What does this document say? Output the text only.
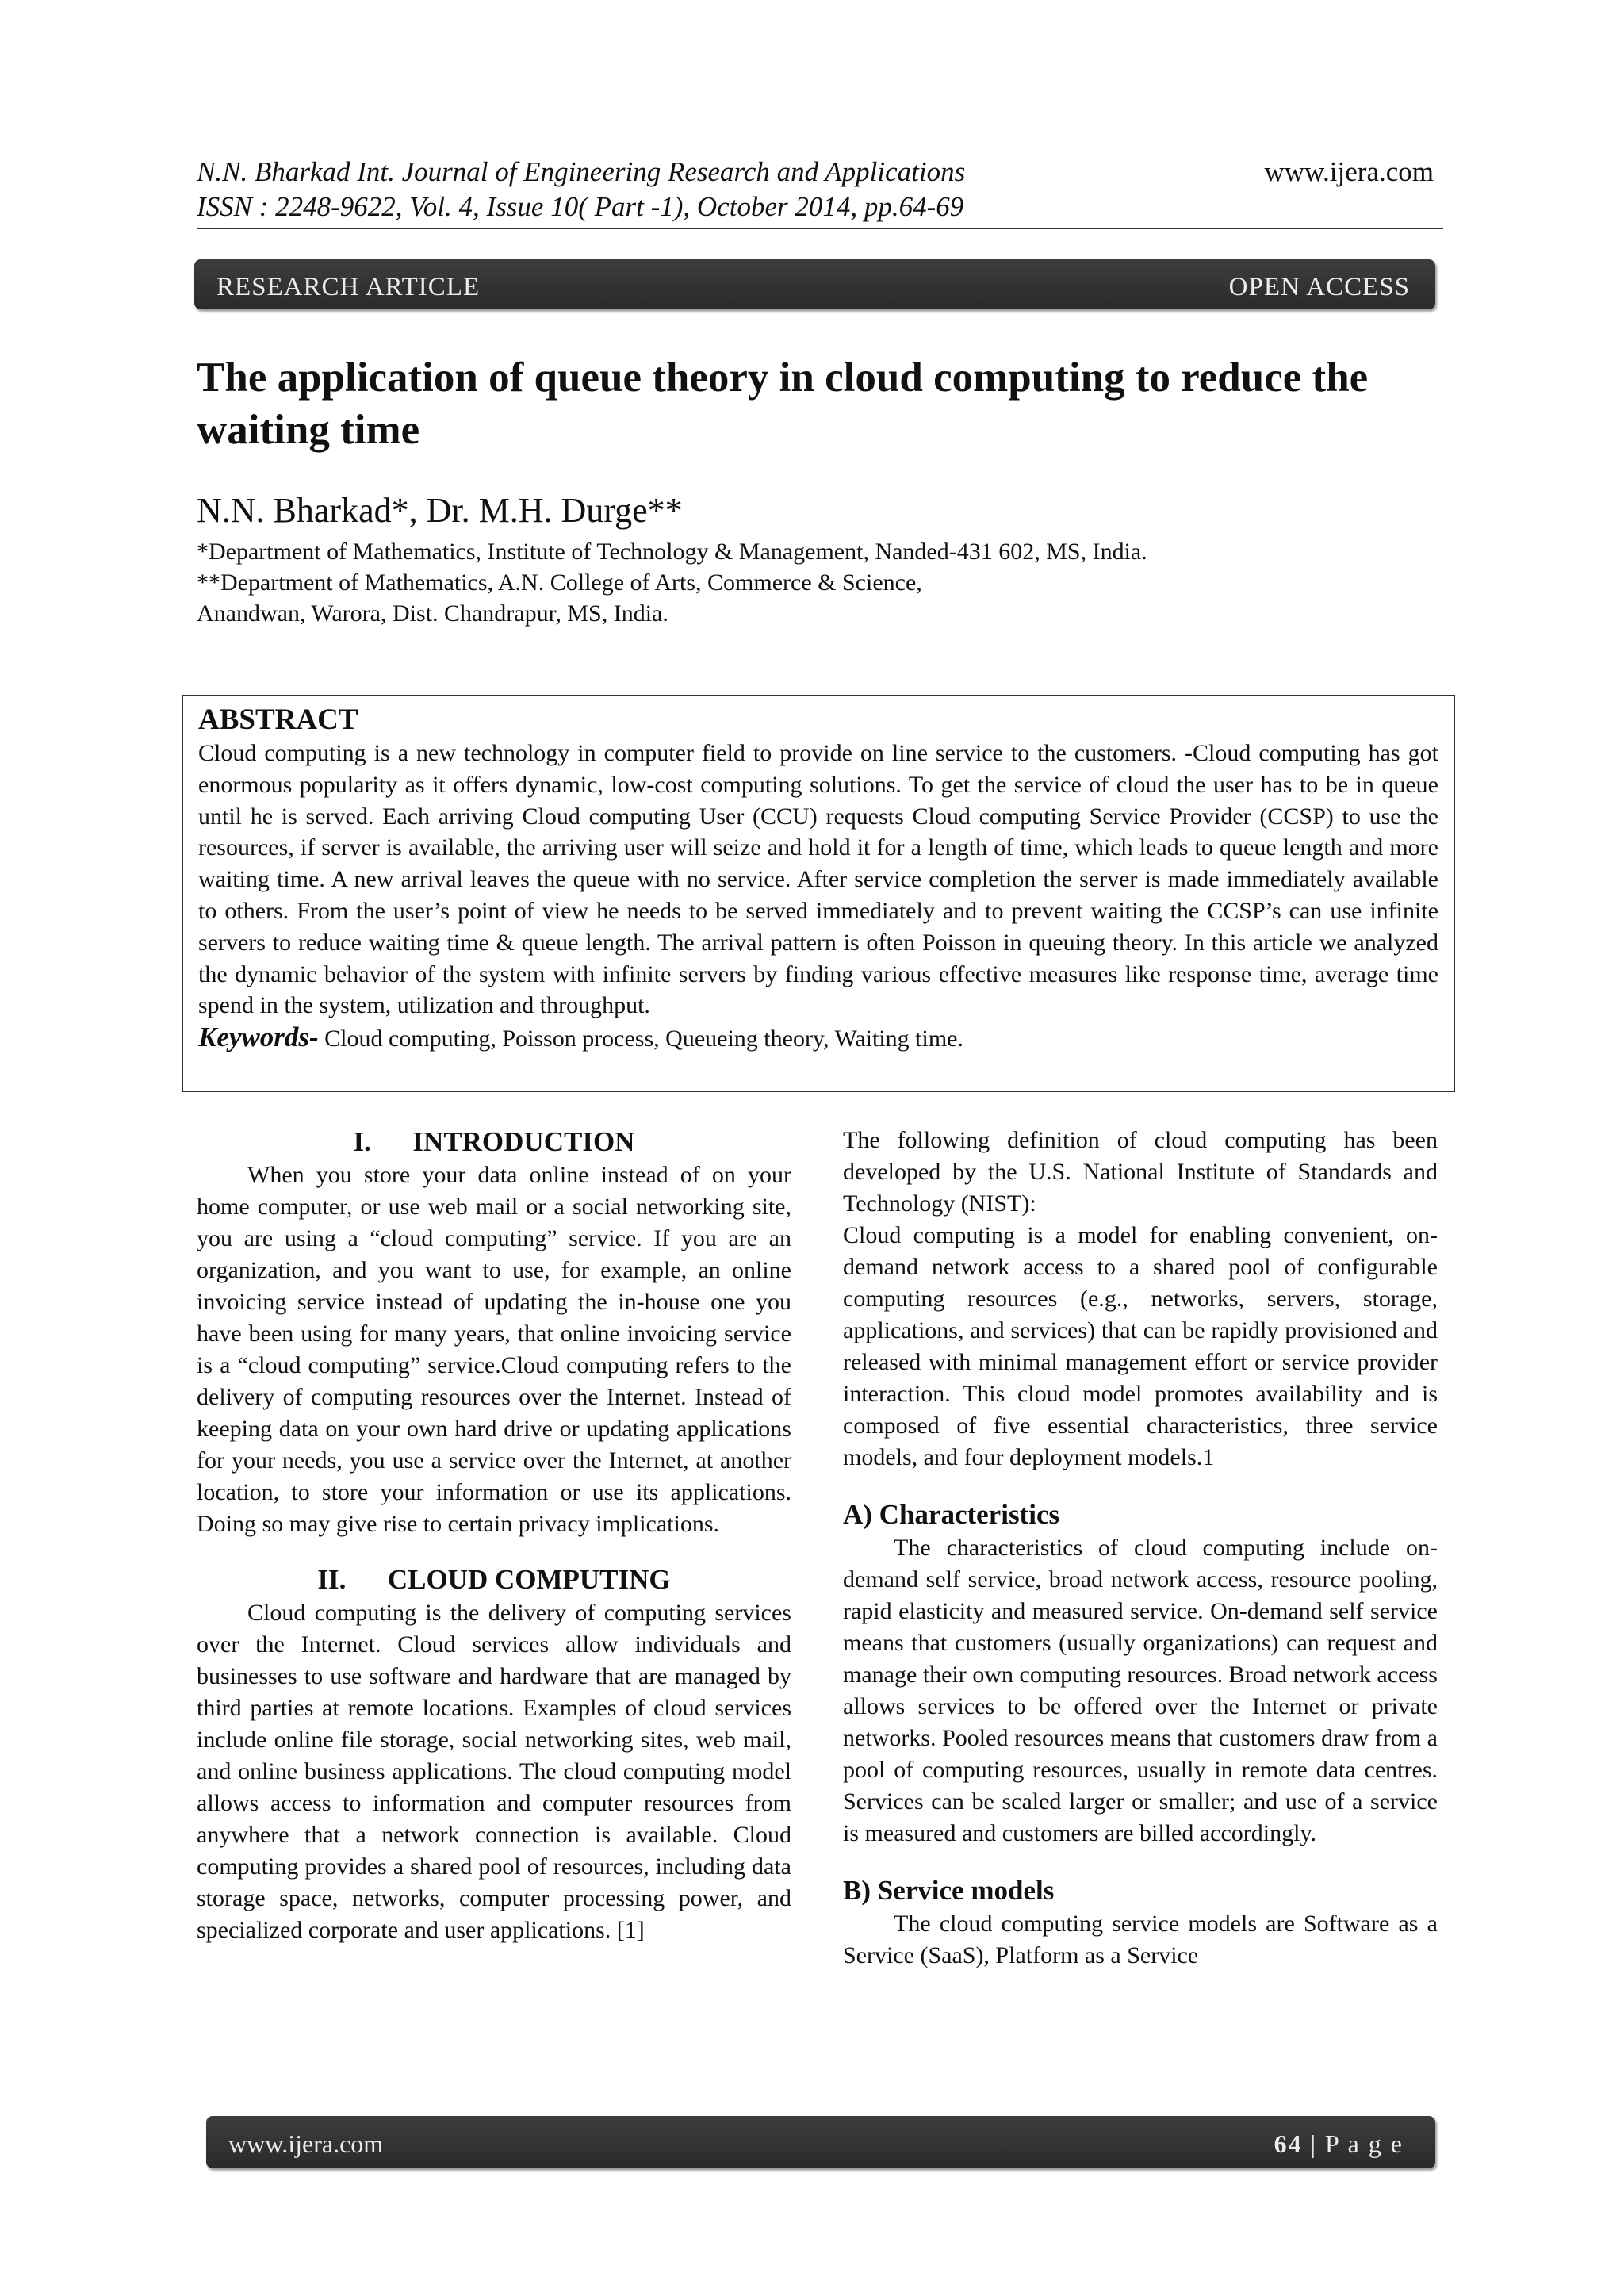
N.N. Bharkad Int. Journal of Engineering Research and Applications
ISSN : 2248-9622, Vol. 4, Issue 10( Part -1), October 2014, pp.64-69
www.ijera.com
RESEARCH ARTICLE	OPEN ACCESS
The application of queue theory in cloud computing to reduce the waiting time
N.N. Bharkad*, Dr. M.H. Durge**
*Department of Mathematics, Institute of Technology & Management, Nanded-431 602, MS, India.
**Department of Mathematics, A.N. College of Arts, Commerce & Science,
Anandwan, Warora, Dist. Chandrapur, MS, India.
ABSTRACT

Cloud computing is a new technology in computer field to provide on line service to the customers. -Cloud computing has got enormous popularity as it offers dynamic, low-cost computing solutions. To get the service of cloud the user has to be in queue until he is served. Each arriving Cloud computing User (CCU) requests Cloud computing Service Provider (CCSP) to use the resources, if server is available, the arriving user will seize and hold it for a length of time, which leads to queue length and more waiting time. A new arrival leaves the queue with no service. After service completion the server is made immediately available to others. From the user’s point of view he needs to be served immediately and to prevent waiting the CCSP’s can use infinite servers to reduce waiting time & queue length. The arrival pattern is often Poisson in queuing theory. In this article we analyzed the dynamic behavior of the system with infinite servers by finding various effective measures like response time, average time spend in the system, utilization and throughput.

Keywords- Cloud computing, Poisson process, Queueing theory, Waiting time.

I.      INTRODUCTION

When you store your data online instead of on your home computer, or use web mail or a social networking site, you are using a “cloud computing” service. If you are an organization, and you want to use, for example, an online invoicing service instead of updating the in-house one you have been using for many years, that online invoicing service is a “cloud computing” service.Cloud computing refers to the delivery of computing resources over the Internet. Instead of keeping data on your own hard drive or updating applications for your needs, you use a service over the Internet, at another location, to store your information or use its applications. Doing so may give rise to certain privacy implications.

II.      CLOUD COMPUTING

Cloud computing is the delivery of computing services over the Internet. Cloud services allow individuals and businesses to use software and hardware that are managed by third parties at remote locations. Examples of cloud services include online file storage, social networking sites, web mail, and online business applications. The cloud computing model allows access to information and computer resources from anywhere that a network connection is available. Cloud computing provides a shared pool of resources, including data storage space, networks, computer processing power, and specialized corporate and user applications. [1]

The following definition of cloud computing has been developed by the U.S. National Institute of Standards and Technology (NIST):

Cloud computing is a model for enabling convenient, on-demand network access to a shared pool of configurable computing resources (e.g., networks, servers, storage, applications, and services) that can be rapidly provisioned and released with minimal management effort or service provider interaction. This cloud model promotes availability and is composed of five essential characteristics, three service models, and four deployment models.1

A) Characteristics

The characteristics of cloud computing include on-demand self service, broad network access, resource pooling, rapid elasticity and measured service. On-demand self service means that customers (usually organizations) can request and manage their own computing resources. Broad network access allows services to be offered over the Internet or private networks. Pooled resources means that customers draw from a pool of computing resources, usually in remote data centres. Services can be scaled larger or smaller; and use of a service is measured and customers are billed accordingly.

B) Service models

The cloud computing service models are Software as a Service (SaaS), Platform as a Service

www.ijera.com	64 | P a g e
